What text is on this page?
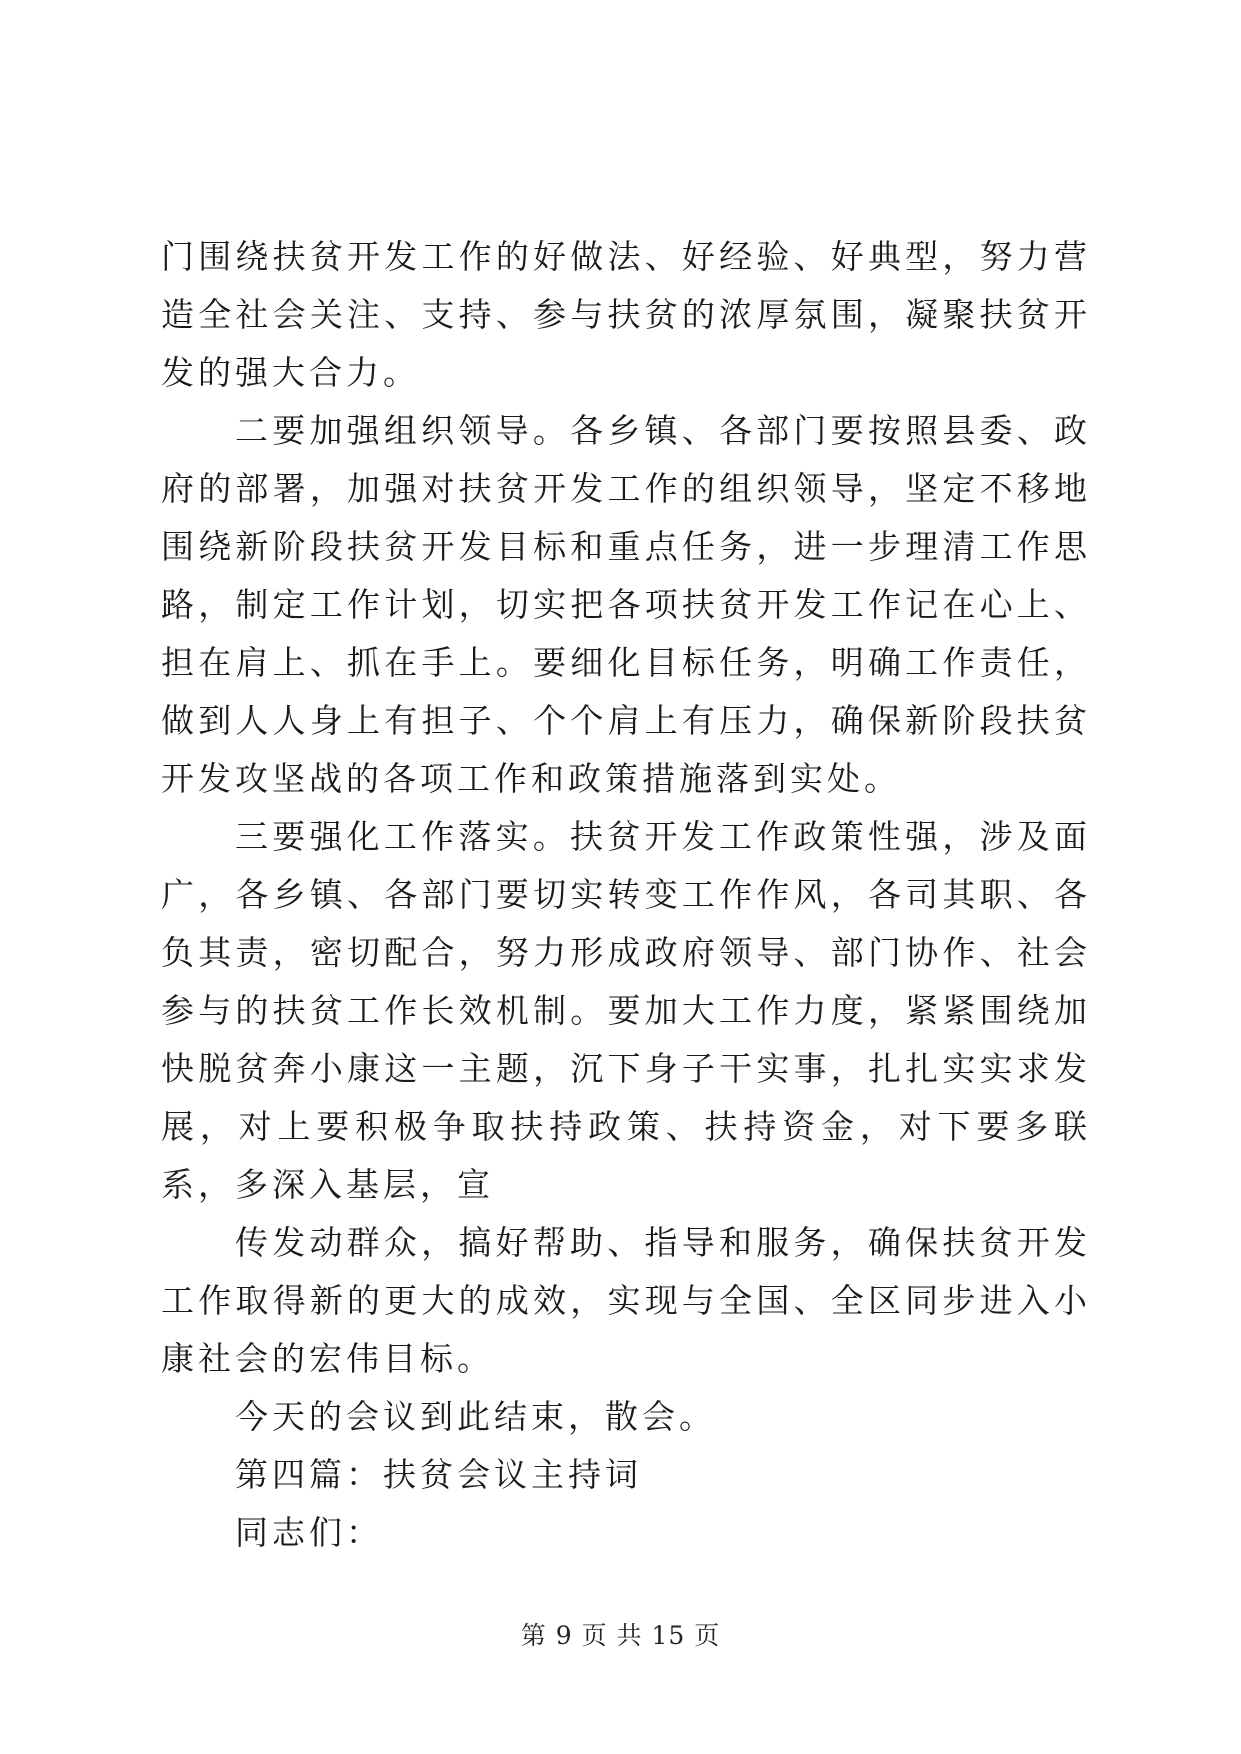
门围绕扶贫开发工作的好做法、好经验、好典型，努力营造全社会关注、支持、参与扶贫的浓厚氛围，凝聚扶贫开发的强大合力。

二要加强组织领导。各乡镇、各部门要按照县委、政府的部署，加强对扶贫开发工作的组织领导，坚定不移地围绕新阶段扶贫开发目标和重点任务，进一步理清工作思路，制定工作计划，切实把各项扶贫开发工作记在心上、担在肩上、抓在手上。要细化目标任务，明确工作责任，做到人人身上有担子、个个肩上有压力，确保新阶段扶贫开发攻坚战的各项工作和政策措施落到实处。

三要强化工作落实。扶贫开发工作政策性强，涉及面广，各乡镇、各部门要切实转变工作作风，各司其职、各负其责，密切配合，努力形成政府领导、部门协作、社会参与的扶贫工作长效机制。要加大工作力度，紧紧围绕加快脱贫奔小康这一主题，沉下身子干实事，扎扎实实求发展，对上要积极争取扶持政策、扶持资金，对下要多联系，多深入基层，宣

传发动群众，搞好帮助、指导和服务，确保扶贫开发工作取得新的更大的成效，实现与全国、全区同步进入小康社会的宏伟目标。

今天的会议到此结束，散会。

第四篇：扶贫会议主持词

同志们：

第 9 页 共 15 页
